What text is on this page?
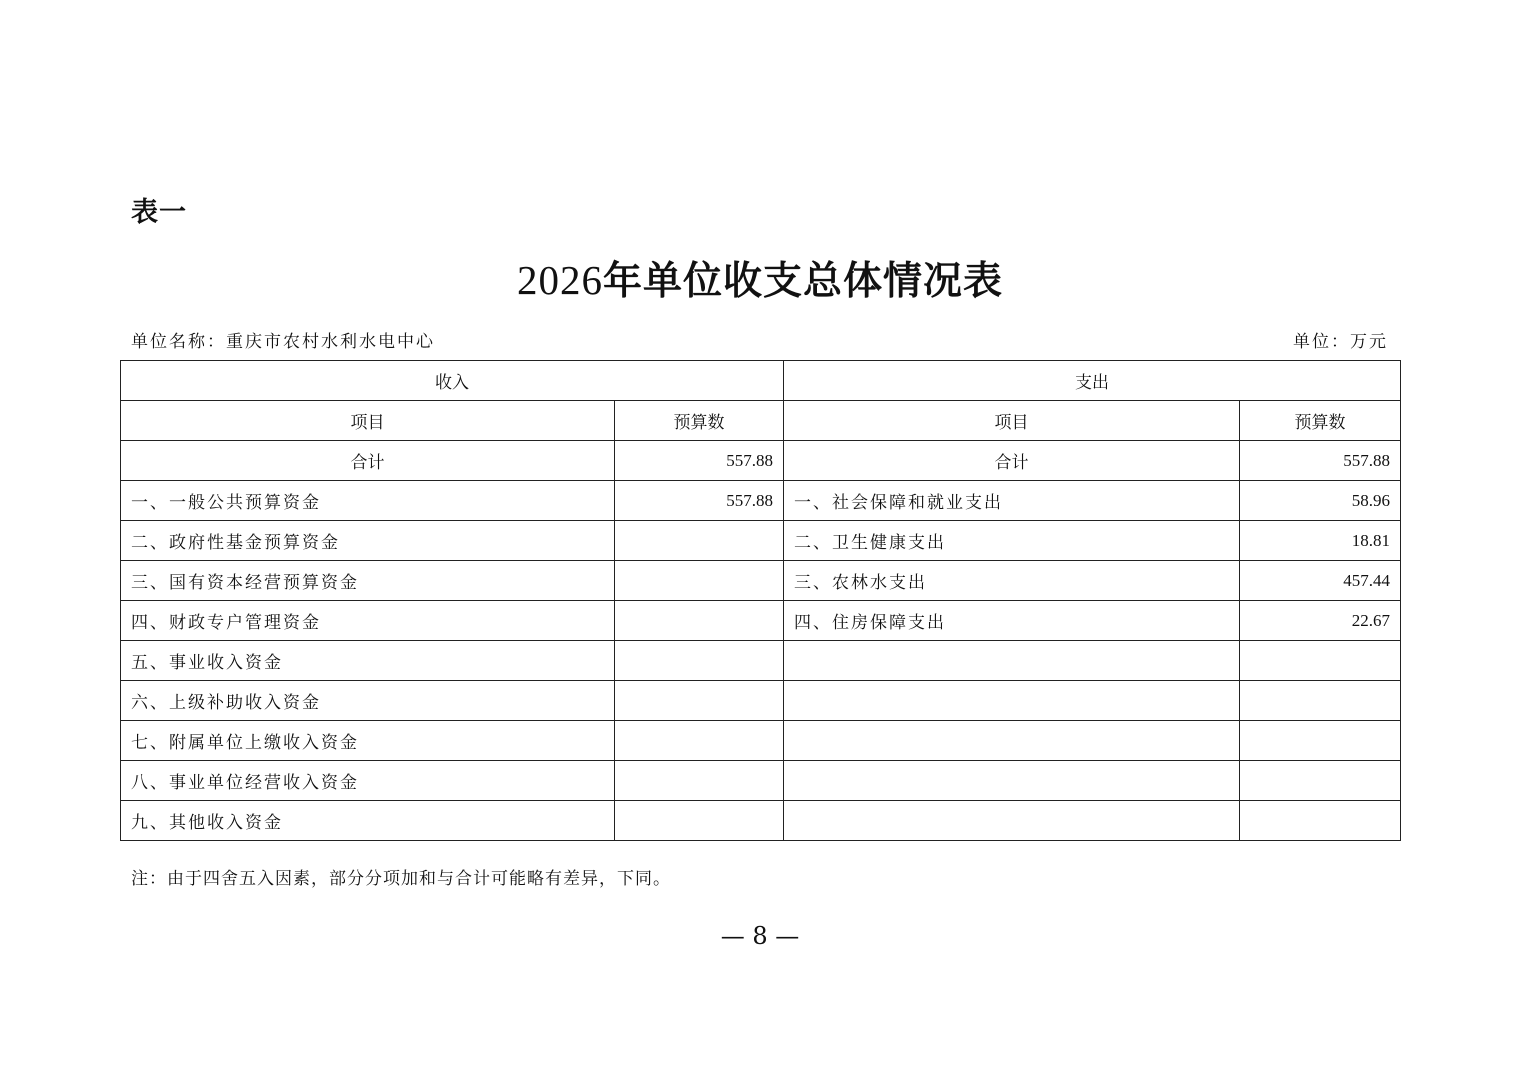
表一
2026年单位收支总体情况表
单位名称：重庆市农村水利水电中心	单位：万元
收入		支出	
项目	预算数	项目	预算数
合计	557.88	合计	557.88
一、一般公共预算资金	557.88	一、社会保障和就业支出	58.96
二、政府性基金预算资金		二、卫生健康支出	18.81
三、国有资本经营预算资金		三、农林水支出	457.44
四、财政专户管理资金		四、住房保障支出	22.67
五、事业收入资金			
六、上级补助收入资金			
七、附属单位上缴收入资金			
八、事业单位经营收入资金			
九、其他收入资金			
注：由于四舍五入因素，部分分项加和与合计可能略有差异，下同。
— 8 —
